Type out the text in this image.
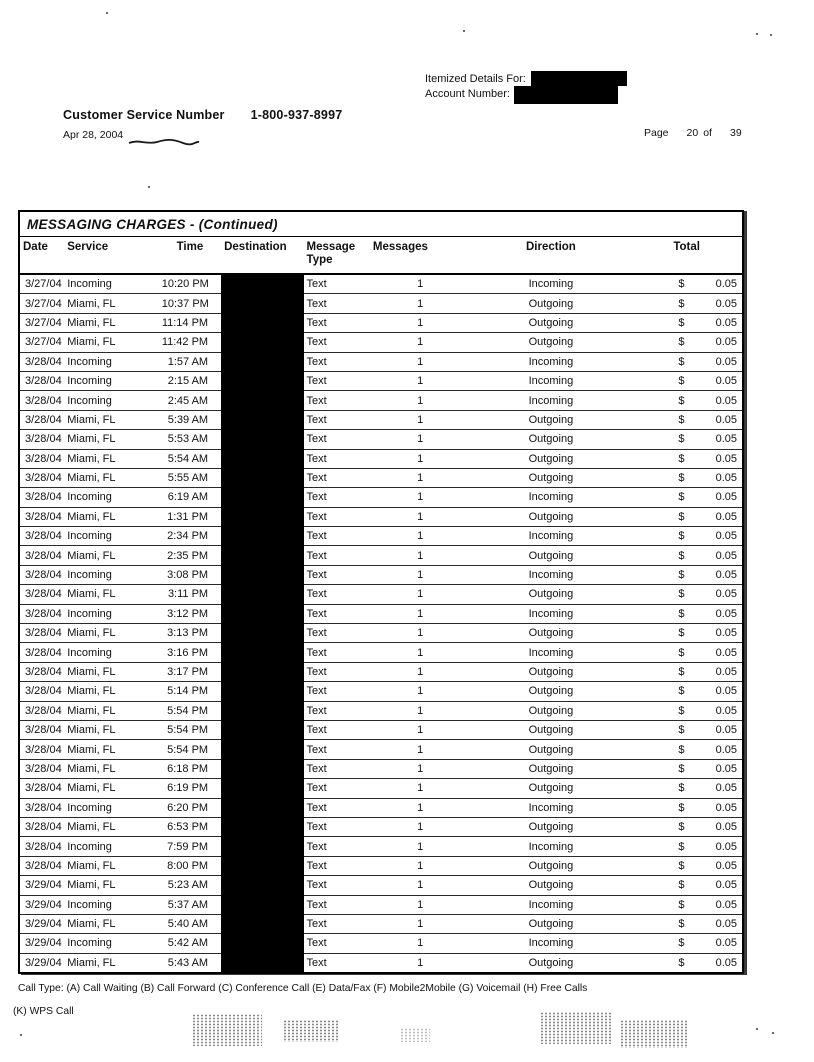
Itemized Details For:
Account Number:
Customer Service Number 1-800-937-8997
Apr 28, 2004	Page 20 of 39
MESSAGING CHARGES - (Continued)
Date	Service	Time	Destination	Message Type	Messages	Direction	Total
3/27/04	Incoming	10:20 PM		Text	1	Incoming	$ 0.05

3/27/04	Miami, FL	10:37 PM		Text	1	Outgoing	$ 0.05

3/27/04	Miami, FL	11:14 PM		Text	1	Outgoing	$ 0.05

3/27/04	Miami, FL	11:42 PM		Text	1	Outgoing	$ 0.05

3/28/04	Incoming	1:57 AM		Text	1	Incoming	$ 0.05

3/28/04	Incoming	2:15 AM		Text	1	Incoming	$ 0.05

3/28/04	Incoming	2:45 AM		Text	1	Incoming	$ 0.05

3/28/04	Miami, FL	5:39 AM		Text	1	Outgoing	$ 0.05

3/28/04	Miami, FL	5:53 AM		Text	1	Outgoing	$ 0.05

3/28/04	Miami, FL	5:54 AM		Text	1	Outgoing	$ 0.05

3/28/04	Miami, FL	5:55 AM		Text	1	Outgoing	$ 0.05

3/28/04	Incoming	6:19 AM		Text	1	Incoming	$ 0.05

3/28/04	Miami, FL	1:31 PM		Text	1	Outgoing	$ 0.05

3/28/04	Incoming	2:34 PM		Text	1	Incoming	$ 0.05

3/28/04	Miami, FL	2:35 PM		Text	1	Outgoing	$ 0.05

3/28/04	Incoming	3:08 PM		Text	1	Incoming	$ 0.05

3/28/04	Miami, FL	3:11 PM		Text	1	Outgoing	$ 0.05

3/28/04	Incoming	3:12 PM		Text	1	Incoming	$ 0.05

3/28/04	Miami, FL	3:13 PM		Text	1	Outgoing	$ 0.05

3/28/04	Incoming	3:16 PM		Text	1	Incoming	$ 0.05

3/28/04	Miami, FL	3:17 PM		Text	1	Outgoing	$ 0.05

3/28/04	Miami, FL	5:14 PM		Text	1	Outgoing	$ 0.05

3/28/04	Miami, FL	5:54 PM		Text	1	Outgoing	$ 0.05

3/28/04	Miami, FL	5:54 PM		Text	1	Outgoing	$ 0.05

3/28/04	Miami, FL	5:54 PM		Text	1	Outgoing	$ 0.05

3/28/04	Miami, FL	6:18 PM		Text	1	Outgoing	$ 0.05

3/28/04	Miami, FL	6:19 PM		Text	1	Outgoing	$ 0.05

3/28/04	Incoming	6:20 PM		Text	1	Incoming	$ 0.05

3/28/04	Miami, FL	6:53 PM		Text	1	Outgoing	$ 0.05

3/28/04	Incoming	7:59 PM		Text	1	Incoming	$ 0.05

3/28/04	Miami, FL	8:00 PM		Text	1	Outgoing	$ 0.05

3/29/04	Miami, FL	5:23 AM		Text	1	Outgoing	$ 0.05

3/29/04	Incoming	5:37 AM		Text	1	Incoming	$ 0.05

3/29/04	Miami, FL	5:40 AM		Text	1	Outgoing	$ 0.05

3/29/04	Incoming	5:42 AM		Text	1	Incoming	$ 0.05

3/29/04	Miami, FL	5:43 AM		Text	1	Outgoing	$ 0.05
Call Type: (A) Call Waiting (B) Call Forward (C) Conference Call (E) Data/Fax (F) Mobile2Mobile (G) Voicemail (H) Free Calls
(K) WPS Call
